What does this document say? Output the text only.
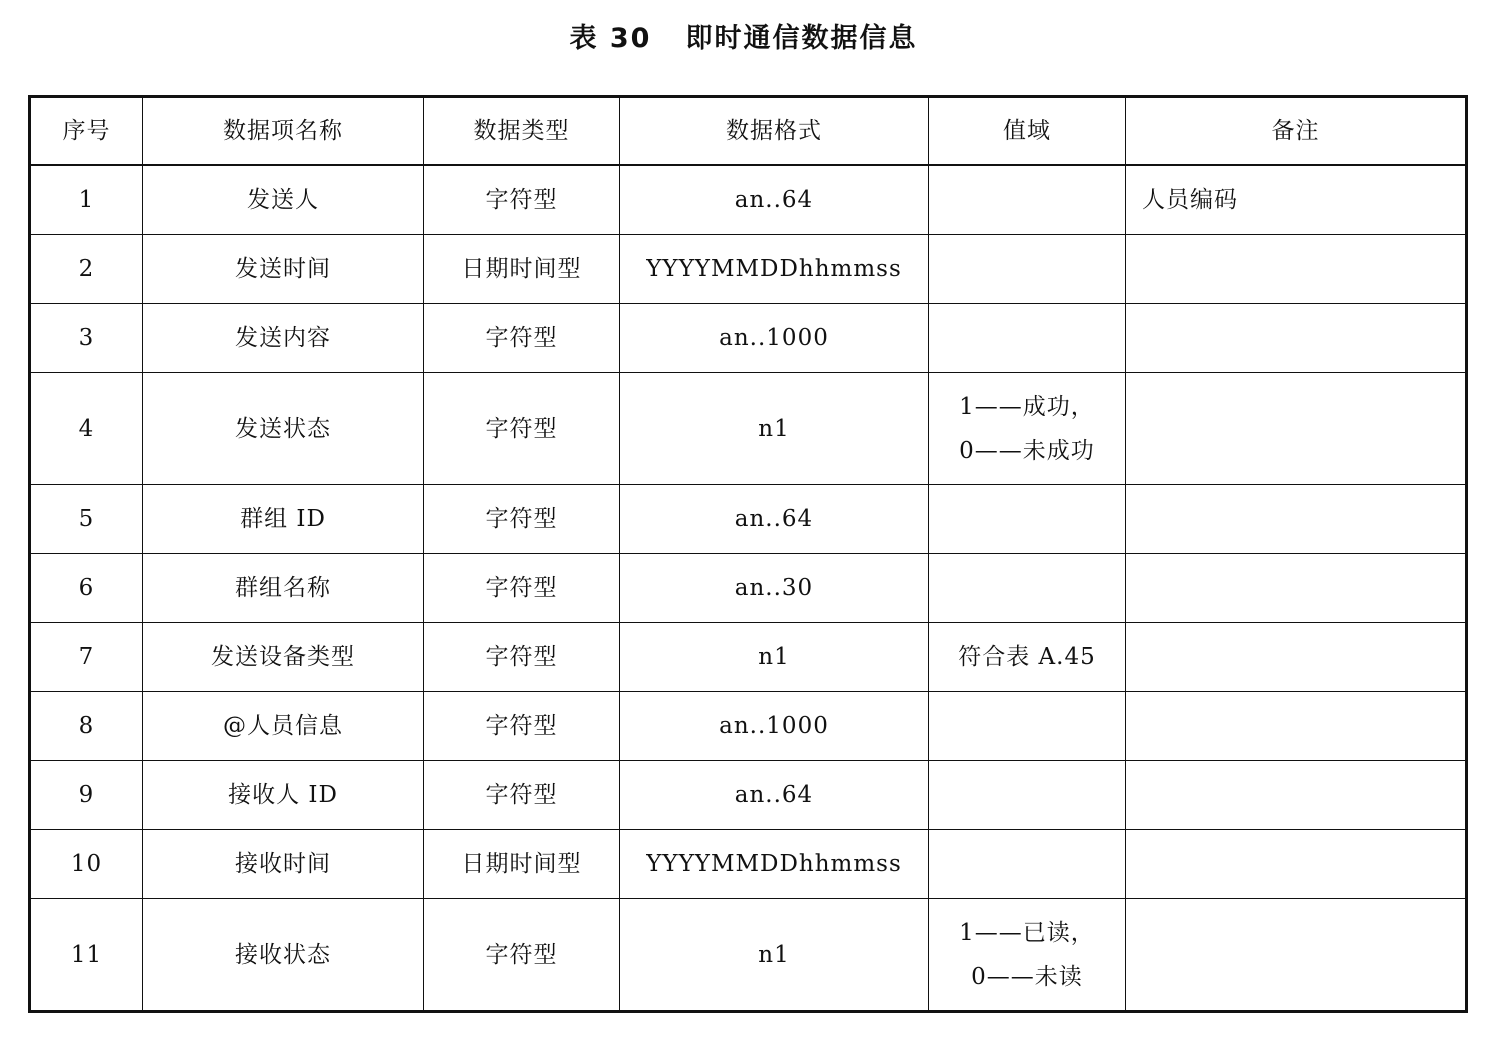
表 30 即时通信数据信息
序号	数据项名称	数据类型	数据格式	值域	备注
1	发送人	字符型	an..64		人员编码
2	发送时间	日期时间型	YYYYMMDDhhmmss		
3	发送内容	字符型	an..1000		
4	发送状态	字符型	n1	1——成功，
0——未成功	

5	群组 ID	字符型	an..64		
6	群组名称	字符型	an..30		
7	发送设备类型	字符型	n1	符合表 A.45	

8	@人员信息	字符型	an..1000		
9	接收人 ID	字符型	an..64		
10	接收时间	日期时间型	YYYYMMDDhhmmss		
11	接收状态	字符型	n1	1——已读，
0——未读	
